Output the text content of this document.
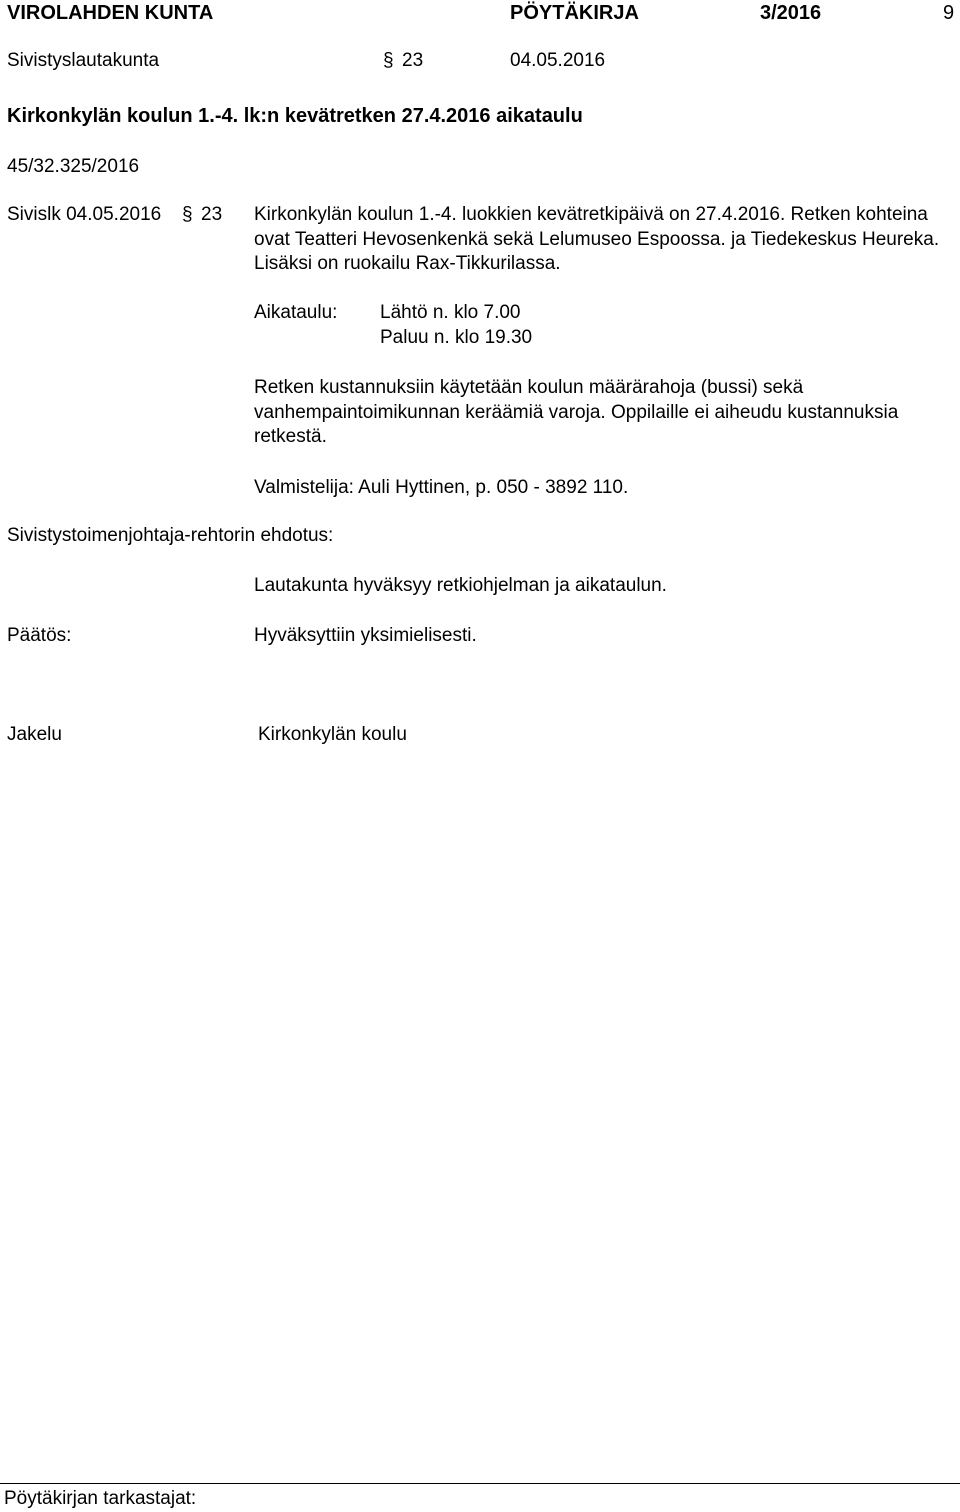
VIROLAHDEN KUNTA	PÖYTÄKIRJA	3/2016	9
Sivistyslautakunta	§ 23	04.05.2016
Kirkonkylän koulun 1.-4. lk:n kevätretken 27.4.2016 aikataulu
45/32.325/2016
Sivislk 04.05.2016 § 23 Kirkonkylän koulun 1.-4. luokkien kevätretkipäivä on 27.4.2016. Retken kohteina ovat Teatteri Hevosenkenkä sekä Lelumuseo Espoossa. ja Tiedekeskus Heureka. Lisäksi on ruokailu Rax-Tikkurilassa.
Aikataulu: Lähtö n. klo 7.00
Paluu n. klo 19.30
Retken kustannuksiin käytetään koulun määrärahoja (bussi) sekä vanhempaintoimikunnan keräämiä varoja. Oppilaille ei aiheudu kustannuksia retkestä.
Valmistelija: Auli Hyttinen, p. 050 - 3892 110.
Sivistystoimenjohtaja-rehtorin ehdotus:
Lautakunta hyväksyy retkiohjelman ja aikataulun.
Päätös:	Hyväksyttiin yksimielisesti.
Jakelu	Kirkonkylän koulu
Pöytäkirjan tarkastajat:
